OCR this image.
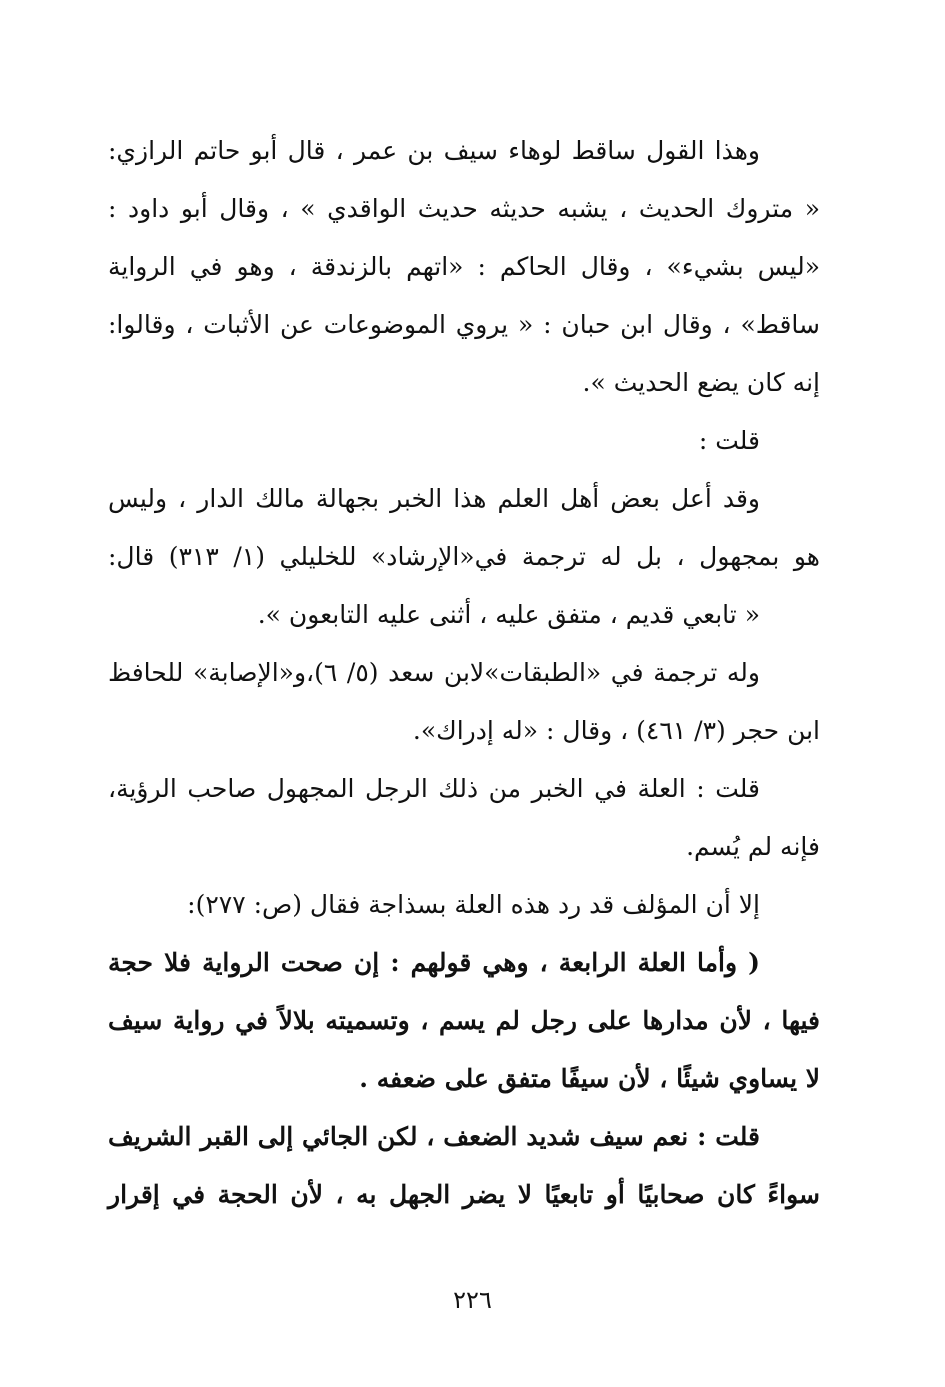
وهذا القول ساقط لوهاء سيف بن عمر ، قال أبو حاتم الرازي:
« متروك الحديث ، يشبه حديثه حديث الواقدي » ، وقال أبو داود :
«ليس بشيء» ، وقال الحاكم : «اتهم بالزندقة ، وهو في الرواية
ساقط» ، وقال ابن حبان : « يروي الموضوعات عن الأثبات ، وقالوا:
إنه كان يضع الحديث ».
قلت :
وقد أعل بعض أهل العلم هذا الخبر بجهالة مالك الدار ، وليس
هو بمجهول ، بل له ترجمة في«الإرشاد» للخليلي (١/ ٣١٣) قال:
« تابعي قديم ، متفق عليه ، أثنى عليه التابعون ».
وله ترجمة في «الطبقات»لابن سعد (٥/ ٦)،و«الإصابة» للحافظ
ابن حجر (٣/ ٤٦١) ، وقال : «له إدراك».
قلت : العلة في الخبر من ذلك الرجل المجهول صاحب الرؤية،
فإنه لم يُسم.
إلا أن المؤلف قد رد هذه العلة بسذاجة فقال (ص: ٢٧٧):
( وأما العلة الرابعة ، وهي قولهم : إن صحت الرواية فلا حجة
فيها ، لأن مدارها على رجل لم يسم ، وتسميته بلالاً في رواية سيف
لا يساوي شيئًا ، لأن سيفًا متفق على ضعفه .
قلت : نعم سيف شديد الضعف ، لكن الجائي إلى القبر الشريف
سواءً كان صحابيًا أو تابعيًا لا يضر الجهل به ، لأن الحجة في إقرار
٢٢٦
